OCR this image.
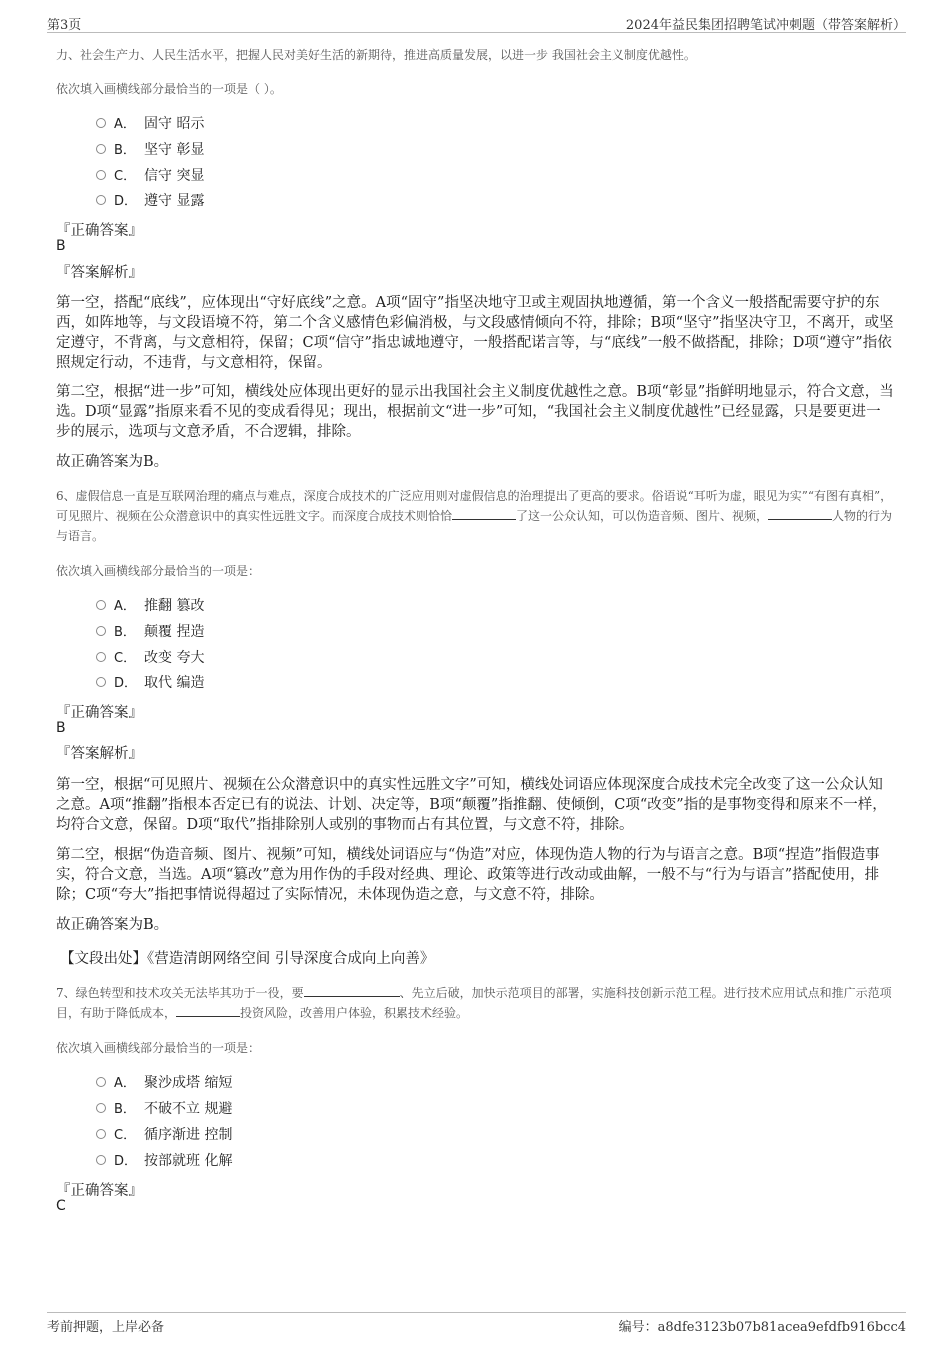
第3页	2024年益民集团招聘笔试冲刺题（带答案解析）
力、社会生产力、人民生活水平，把握人民对美好生活的新期待，推进高质量发展，以进一步 我国社会主义制度优越性。
依次填入画横线部分最恰当的一项是（ ）。
A． 固守 昭示
B． 坚守 彰显
C． 信守 突显
D． 遵守 显露
『正确答案』
B
『答案解析』
第一空，搭配“底线”，应体现出“守好底线”之意。A项“固守”指坚决地守卫或主观固执地遵循，第一个含义一般搭配需要守护的东西，如阵地等，与文段语境不符，第二个含义感情色彩偏消极，与文段感情倾向不符，排除；B项“坚守”指坚决守卫，不离开，或坚定遵守，不背离，与文意相符，保留；C项“信守”指忠诚地遵守，一般搭配诺言等，与“底线”一般不做搭配，排除；D项“遵守”指依照规定行动，不违背，与文意相符，保留。
第二空，根据“进一步”可知，横线处应体现出更好的显示出我国社会主义制度优越性之意。B项“彰显”指鲜明地显示，符合文意，当选。D项“显露”指原来看不见的变成看得见；现出，根据前文“进一步”可知，“我国社会主义制度优越性”已经显露，只是要更进一步的展示，选项与文意矛盾，不合逻辑，排除。
故正确答案为B。
6、虚假信息一直是互联网治理的痛点与难点，深度合成技术的广泛应用则对虚假信息的治理提出了更高的要求。俗语说“耳听为虚，眼见为实”“有图有真相”，可见照片、视频在公众潜意识中的真实性远胜文字。而深度合成技术则恰恰	了这一公众认知，可以伪造音频、图片、视频，	人物的行为与语言。
依次填入画横线部分最恰当的一项是：
A． 推翻 篡改
B． 颠覆 捏造
C． 改变 夸大
D． 取代 编造
『正确答案』
B
『答案解析』
第一空，根据“可见照片、视频在公众潜意识中的真实性远胜文字”可知，横线处词语应体现深度合成技术完全改变了这一公众认知之意。A项“推翻”指根本否定已有的说法、计划、决定等，B项“颠覆”指推翻、使倾倒，C项“改变”指的是事物变得和原来不一样，均符合文意，保留。D项“取代”指排除别人或别的事物而占有其位置，与文意不符，排除。
第二空，根据“伪造音频、图片、视频”可知，横线处词语应与“伪造”对应，体现伪造人物的行为与语言之意。B项“捏造”指假造事实，符合文意，当选。A项“篡改”意为用作伪的手段对经典、理论、政策等进行改动或曲解，一般不与“行为与语言”搭配使用，排除；C项“夸大”指把事情说得超过了实际情况，未体现伪造之意，与文意不符，排除。
故正确答案为B。
【文段出处】《营造清朗网络空间 引导深度合成向上向善》
7、绿色转型和技术攻关无法毕其功于一役，要	、先立后破，加快示范项目的部署，实施科技创新示范工程。进行技术应用试点和推广示范项目，有助于降低成本，	投资风险，改善用户体验，积累技术经验。
依次填入画横线部分最恰当的一项是：
A． 聚沙成塔 缩短
B． 不破不立 规避
C． 循序渐进 控制
D． 按部就班 化解
『正确答案』
C
考前押题，上岸必备	编号：a8dfe3123b07b81acea9efdfb916bcc4
